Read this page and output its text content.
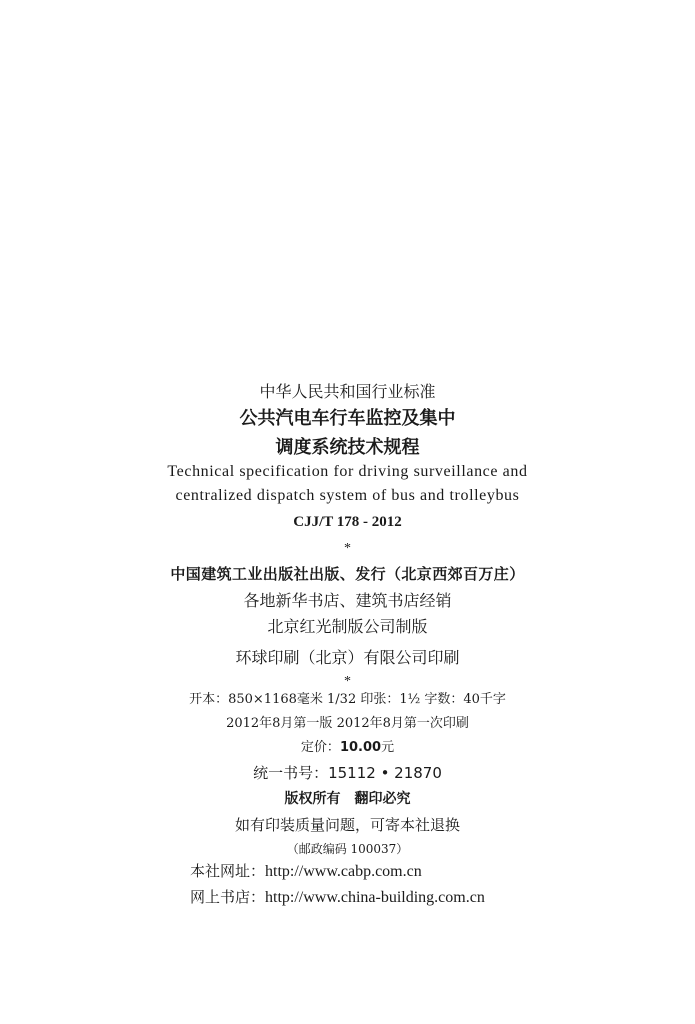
中华人民共和国行业标准
公共汽电车行车监控及集中
调度系统技术规程
Technical specification for driving surveillance and
centralized dispatch system of bus and trolleybus
CJJ/T 178 - 2012
*
中国建筑工业出版社出版、发行（北京西郊百万庄）
各地新华书店、建筑书店经销
北京红光制版公司制版
环球印刷（北京）有限公司印刷
*
开本：850×1168毫米 1/32 印张：1½ 字数：40千字
2012年8月第一版 2012年8月第一次印刷
定价：10.00元
统一书号：15112 • 21870
版权所有 翻印必究
如有印装质量问题，可寄本社退换
（邮政编码 100037）
本社网址：http://www.cabp.com.cn
网上书店：http://www.china-building.com.cn
